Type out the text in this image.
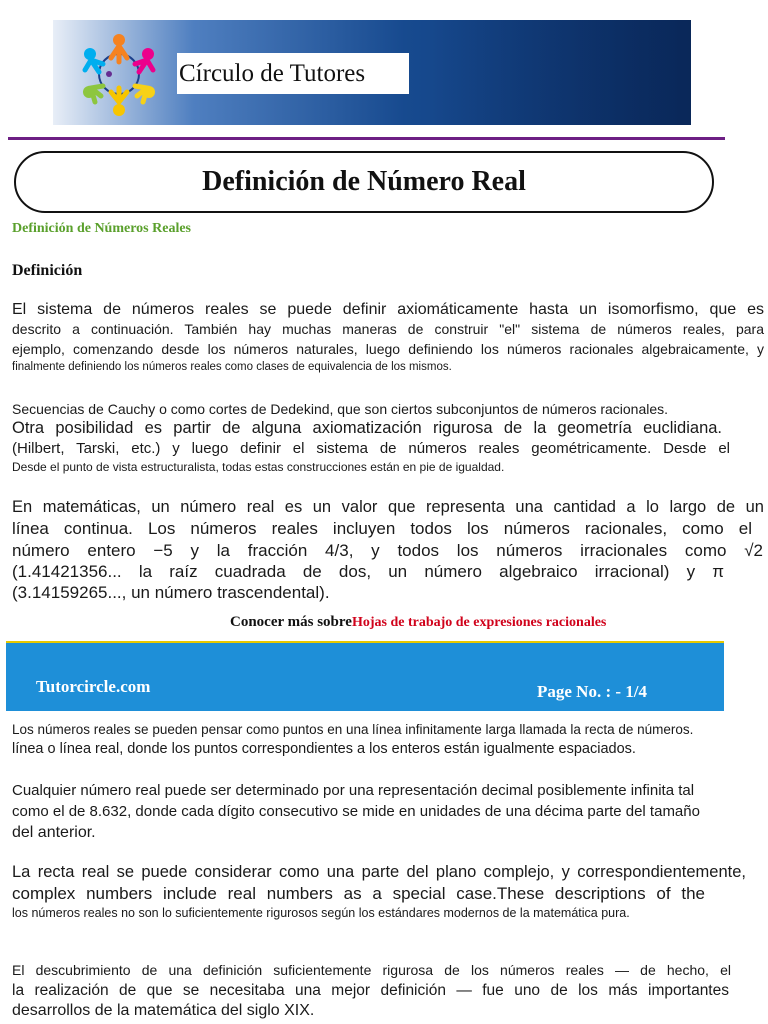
Círculo de Tutores
Definición de Número Real
Definición de Números Reales
Definición
El sistema de números reales se puede definir axiomáticamente hasta un isomorfismo, que es
descrito a continuación. También hay muchas maneras de construir "el" sistema de números reales, para
ejemplo, comenzando desde los números naturales, luego definiendo los números racionales algebraicamente, y
finalmente definiendo los números reales como clases de equivalencia de los mismos.
Secuencias de Cauchy o como cortes de Dedekind, que son ciertos subconjuntos de números racionales.
Otra posibilidad es partir de alguna axiomatización rigurosa de la geometría euclidiana.
(Hilbert, Tarski, etc.) y luego definir el sistema de números reales geométricamente. Desde el
Desde el punto de vista estructuralista, todas estas construcciones están en pie de igualdad.
En matemáticas, un número real es un valor que representa una cantidad a lo largo de un
línea continua. Los números reales incluyen todos los números racionales, como el
número entero −5 y la fracción 4/3, y todos los números irracionales como √2
(1.41421356... la raíz cuadrada de dos, un número algebraico irracional) y π
(3.14159265..., un número trascendental).
Conocer más sobreHojas de trabajo de expresiones racionales
Tutorcircle.com	Page No. : - 1/4
Los números reales se pueden pensar como puntos en una línea infinitamente larga llamada la recta de números.
línea o línea real, donde los puntos correspondientes a los enteros están igualmente espaciados.
Cualquier número real puede ser determinado por una representación decimal posiblemente infinita tal
como el de 8.632, donde cada dígito consecutivo se mide en unidades de una décima parte del tamaño
del anterior.
La recta real se puede considerar como una parte del plano complejo, y correspondientemente,
complex numbers include real numbers as a special case.These descriptions of the
los números reales no son lo suficientemente rigurosos según los estándares modernos de la matemática pura.
El descubrimiento de una definición suficientemente rigurosa de los números reales — de hecho, el
la realización de que se necesitaba una mejor definición — fue uno de los más importantes
desarrollos de la matemática del siglo XIX.
